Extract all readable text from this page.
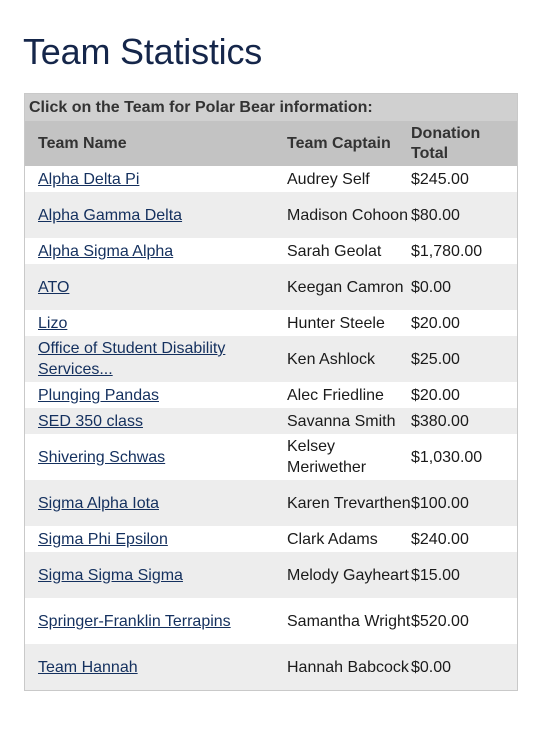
Team Statistics
Click on the Team for Polar Bear information:
Team Name	Team Captain	Donation Total
Alpha Delta Pi	Audrey Self	$245.00
Alpha Gamma Delta	Madison Cohoon	$80.00
Alpha Sigma Alpha	Sarah Geolat	$1,780.00
ATO	Keegan Camron	$0.00
Lizo	Hunter Steele	$20.00
Office of Student Disability Services...	Ken Ashlock	$25.00
Plunging Pandas	Alec Friedline	$20.00
SED 350 class	Savanna Smith	$380.00
Shivering Schwas	Kelsey Meriwether	$1,030.00
Sigma Alpha Iota	Karen Trevarthen	$100.00
Sigma Phi Epsilon	Clark Adams	$240.00
Sigma Sigma Sigma	Melody Gayheart	$15.00
Springer-Franklin Terrapins	Samantha Wright	$520.00
Team Hannah	Hannah Babcock	$0.00
